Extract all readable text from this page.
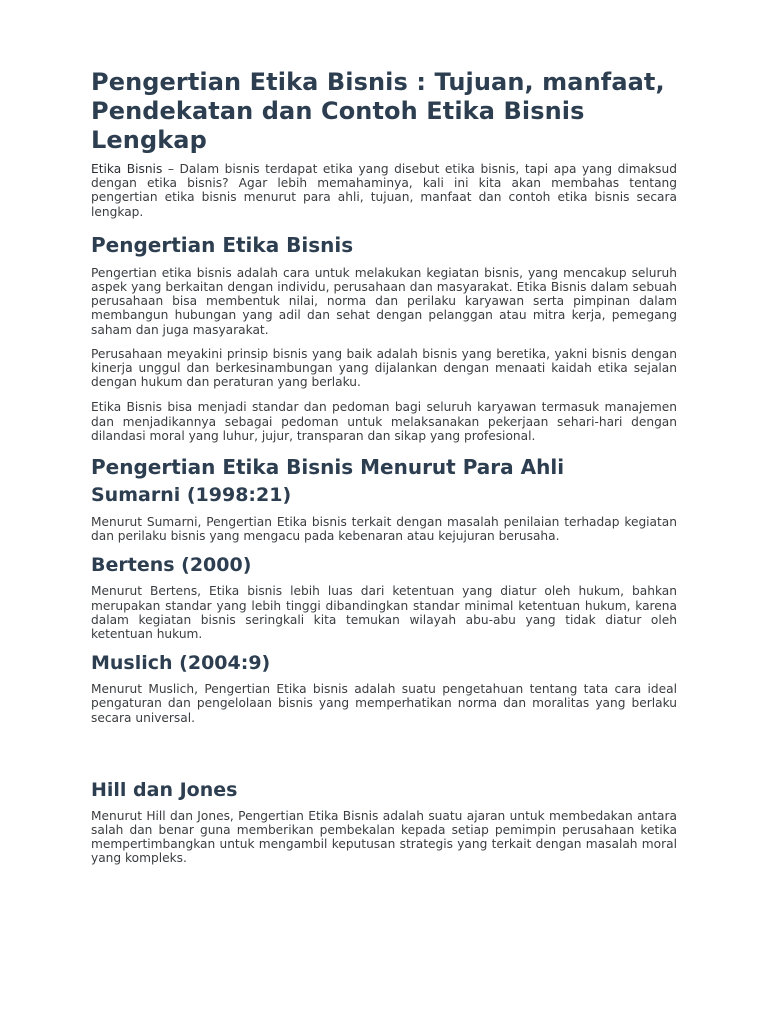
Pengertian Etika Bisnis : Tujuan, manfaat, Pendekatan dan Contoh Etika Bisnis Lengkap

Etika Bisnis – Dalam bisnis terdapat etika yang disebut etika bisnis, tapi apa yang dimaksud dengan etika bisnis? Agar lebih memahaminya, kali ini kita akan membahas tentang pengertian etika bisnis menurut para ahli, tujuan, manfaat dan contoh etika bisnis secara lengkap.

Pengertian Etika Bisnis

Pengertian etika bisnis adalah cara untuk melakukan kegiatan bisnis, yang mencakup seluruh aspek yang berkaitan dengan individu, perusahaan dan masyarakat. Etika Bisnis dalam sebuah perusahaan bisa membentuk nilai, norma dan perilaku karyawan serta pimpinan dalam membangun hubungan yang adil dan sehat dengan pelanggan atau mitra kerja, pemegang saham dan juga masyarakat.

Perusahaan meyakini prinsip bisnis yang baik adalah bisnis yang beretika, yakni bisnis dengan kinerja unggul dan berkesinambungan yang dijalankan dengan menaati kaidah etika sejalan dengan hukum dan peraturan yang berlaku.

Etika Bisnis bisa menjadi standar dan pedoman bagi seluruh karyawan termasuk manajemen dan menjadikannya sebagai pedoman untuk melaksanakan pekerjaan sehari-hari dengan dilandasi moral yang luhur, jujur, transparan dan sikap yang profesional.

Pengertian Etika Bisnis Menurut Para Ahli
Sumarni (1998:21)

Menurut Sumarni, Pengertian Etika bisnis terkait dengan masalah penilaian terhadap kegiatan dan perilaku bisnis yang mengacu pada kebenaran atau kejujuran berusaha.

Bertens (2000)

Menurut Bertens, Etika bisnis lebih luas dari ketentuan yang diatur oleh hukum, bahkan merupakan standar yang lebih tinggi dibandingkan standar minimal ketentuan hukum, karena dalam kegiatan bisnis seringkali kita temukan wilayah abu-abu yang tidak diatur oleh ketentuan hukum.

Muslich (2004:9)

Menurut Muslich, Pengertian Etika bisnis adalah suatu pengetahuan tentang tata cara ideal pengaturan dan pengelolaan bisnis yang memperhatikan norma dan moralitas yang berlaku secara universal.

Hill dan Jones

Menurut Hill dan Jones, Pengertian Etika Bisnis adalah suatu ajaran untuk membedakan antara salah dan benar guna memberikan pembekalan kepada setiap pemimpin perusahaan ketika mempertimbangkan untuk mengambil keputusan strategis yang terkait dengan masalah moral yang kompleks.
